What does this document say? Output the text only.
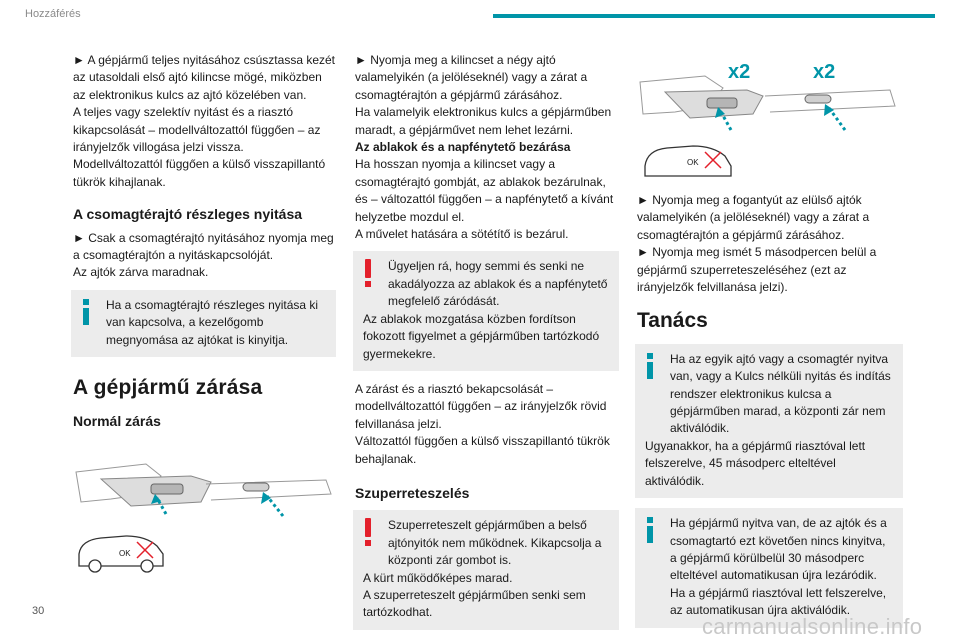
Hozzáférés

► A gépjármű teljes nyitásához csúsztassa kezét az utasoldali első ajtó kilincse mögé, miközben az elektronikus kulcs az ajtó közelében van.

A teljes vagy szelektív nyitást és a riasztó kikapcsolását – modellváltozattól függően – az irányjelzők villogása jelzi vissza.

Modellváltozattól függően a külső visszapillantó tükrök kihajlanak.

A csomagtérajtó részleges nyitása

► Csak a csomagtérajtó nyitásához nyomja meg a csomagtérajtón a nyitáskapcsolóját.

Az ajtók zárva maradnak.

Ha a csomagtérajtó részleges nyitása ki van kapcsolva, a kezelőgomb megnyomása az ajtókat is kinyitja.

A gépjármű zárása
Normál zárás
OK

► Nyomja meg a kilincset a négy ajtó valamelyikén (a jelöléseknél) vagy a zárat a csomagtérajtón a gépjármű zárásához.

Ha valamelyik elektronikus kulcs a gépjárműben maradt, a gépjárművet nem lehet lezárni.

Az ablakok és a napfénytető bezárása

Ha hosszan nyomja a kilincset vagy a csomagtérajtó gombját, az ablakok bezárulnak, és – változattól függően – a napfénytető a kívánt helyzetbe mozdul el.

A művelet hatására a sötétítő is bezárul.

Ügyeljen rá, hogy semmi és senki ne akadályozza az ablakok és a napfénytető megfelelő záródását.

Az ablakok mozgatása közben fordítson fokozott figyelmet a gépjárműben tartózkodó gyermekekre.

A zárást és a riasztó bekapcsolását – modellváltozattól függően – az irányjelzők rövid felvillanása jelzi.

Változattól függően a külső visszapillantó tükrök behajlanak.

Szuperreteszelés

Szuperreteszelt gépjárműben a belső ajtónyitók nem működnek. Kikapcsolja a központi zár gombot is.

A kürt működőképes marad.

A szuperreteszelt gépjárműben senki sem tartózkodhat.

x2	x2
OK

► Nyomja meg a fogantyút az elülső ajtók valamelyikén (a jelöléseknél) vagy a zárat a csomagtérajtón a gépjármű zárásához.

► Nyomja meg ismét 5 másodpercen belül a gépjármű szuperreteszeléséhez (ezt az irányjelzők felvillanása jelzi).

Tanács

Ha az egyik ajtó vagy a csomagtér nyitva van, vagy a Kulcs nélküli nyitás és indítás rendszer elektronikus kulcsa a gépjárműben marad, a központi zár nem aktiválódik.

Ugyanakkor, ha a gépjármű riasztóval lett felszerelve, 45 másodperc elteltével aktiválódik.

Ha gépjármű nyitva van, de az ajtók és a csomagtartó ezt követően nincs kinyitva, a gépjármű körülbelül 30 másodperc elteltével automatikusan újra lezáródik. Ha a gépjármű riasztóval lett felszerelve, az automatikusan újra aktiválódik.

30
carmanualsonline.info
